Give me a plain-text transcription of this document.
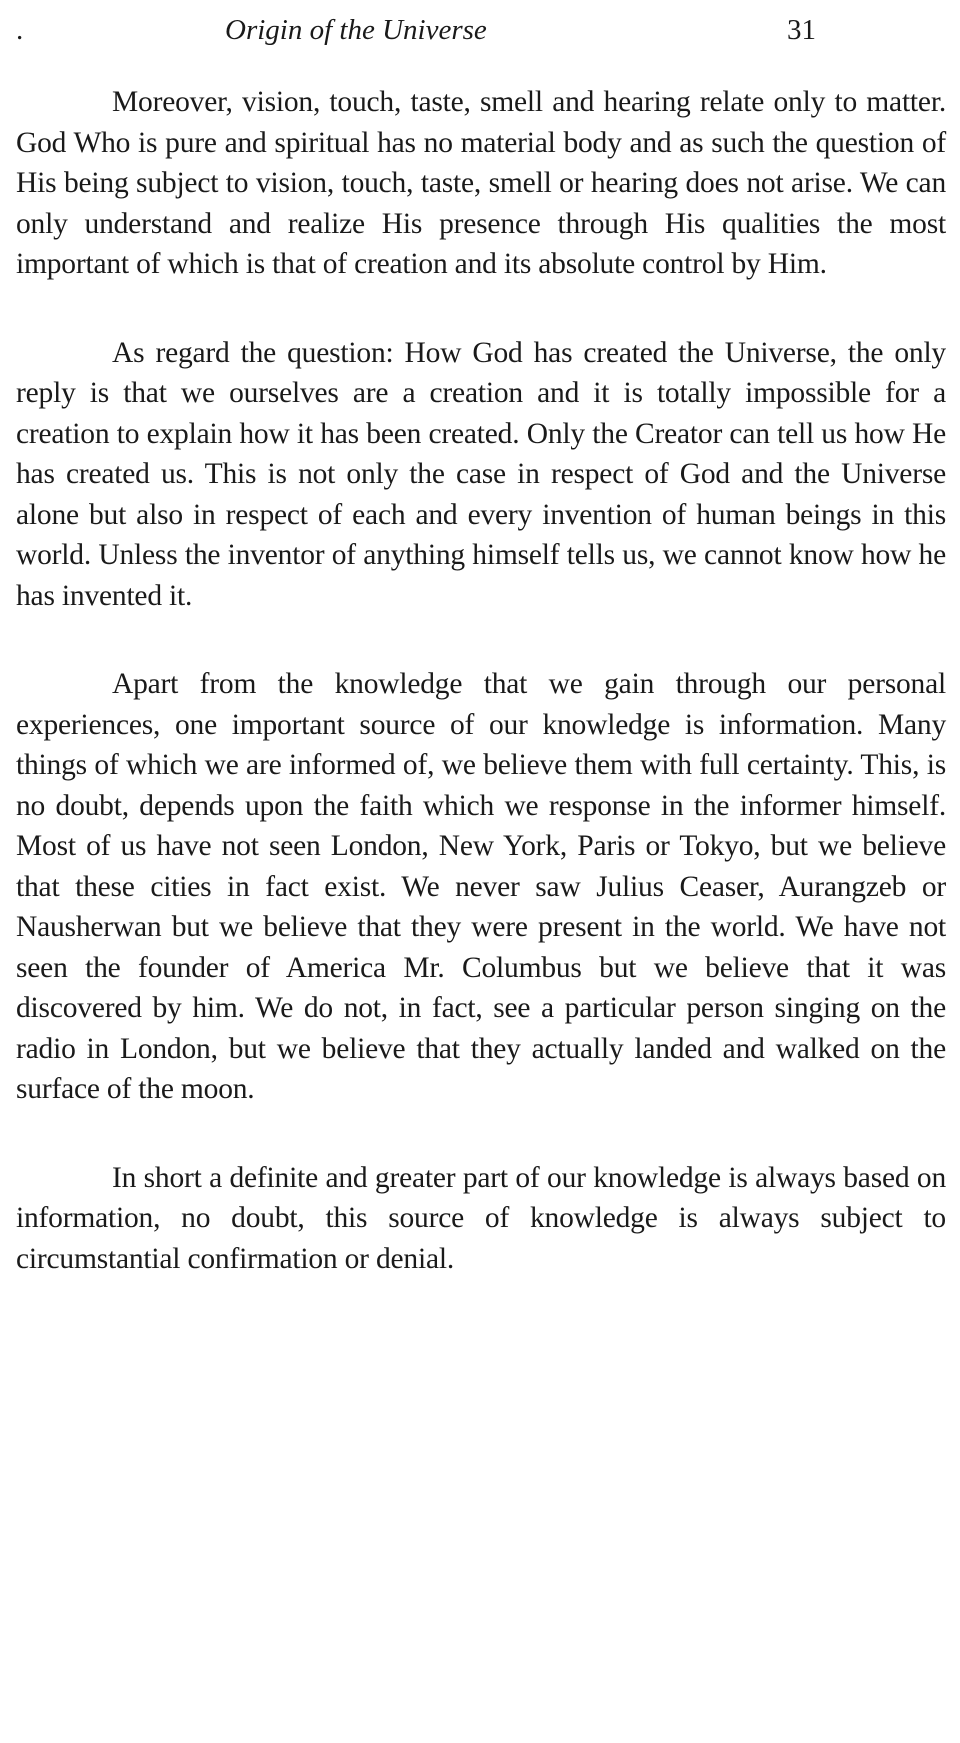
.	Origin of the Universe	31

Moreover, vision, touch, taste, smell and hearing relate only to matter. God Who is pure and spiritual has no material body and as such the question of His being subject to vision, touch, taste, smell or hearing does not arise. We can only understand and realize His presence through His qualities the most important of which is that of creation and its absolute control by Him.

As regard the question: How God has created the Universe, the only reply is that we ourselves are a creation and it is totally impossible for a creation to explain how it has been created. Only the Creator can tell us how He has created us. This is not only the case in respect of God and the Universe alone but also in respect of each and every invention of human beings in this world. Unless the inventor of anything himself tells us, we cannot know how he has invented it.

Apart from the knowledge that we gain through our personal experiences, one important source of our knowledge is information. Many things of which we are informed of, we believe them with full certainty. This, is no doubt, depends upon the faith which we response in the informer himself. Most of us have not seen London, New York, Paris or Tokyo, but we believe that these cities in fact exist. We never saw Julius Ceaser, Aurangzeb or Nausherwan but we believe that they were present in the world. We have not seen the founder of America Mr. Columbus but we believe that it was discovered by him. We do not, in fact, see a particular person singing on the radio in London, but we believe that they actually landed and walked on the surface of the moon.

In short a definite and greater part of our knowledge is always based on information, no doubt, this source of knowledge is always subject to circumstantial confirmation or denial.
